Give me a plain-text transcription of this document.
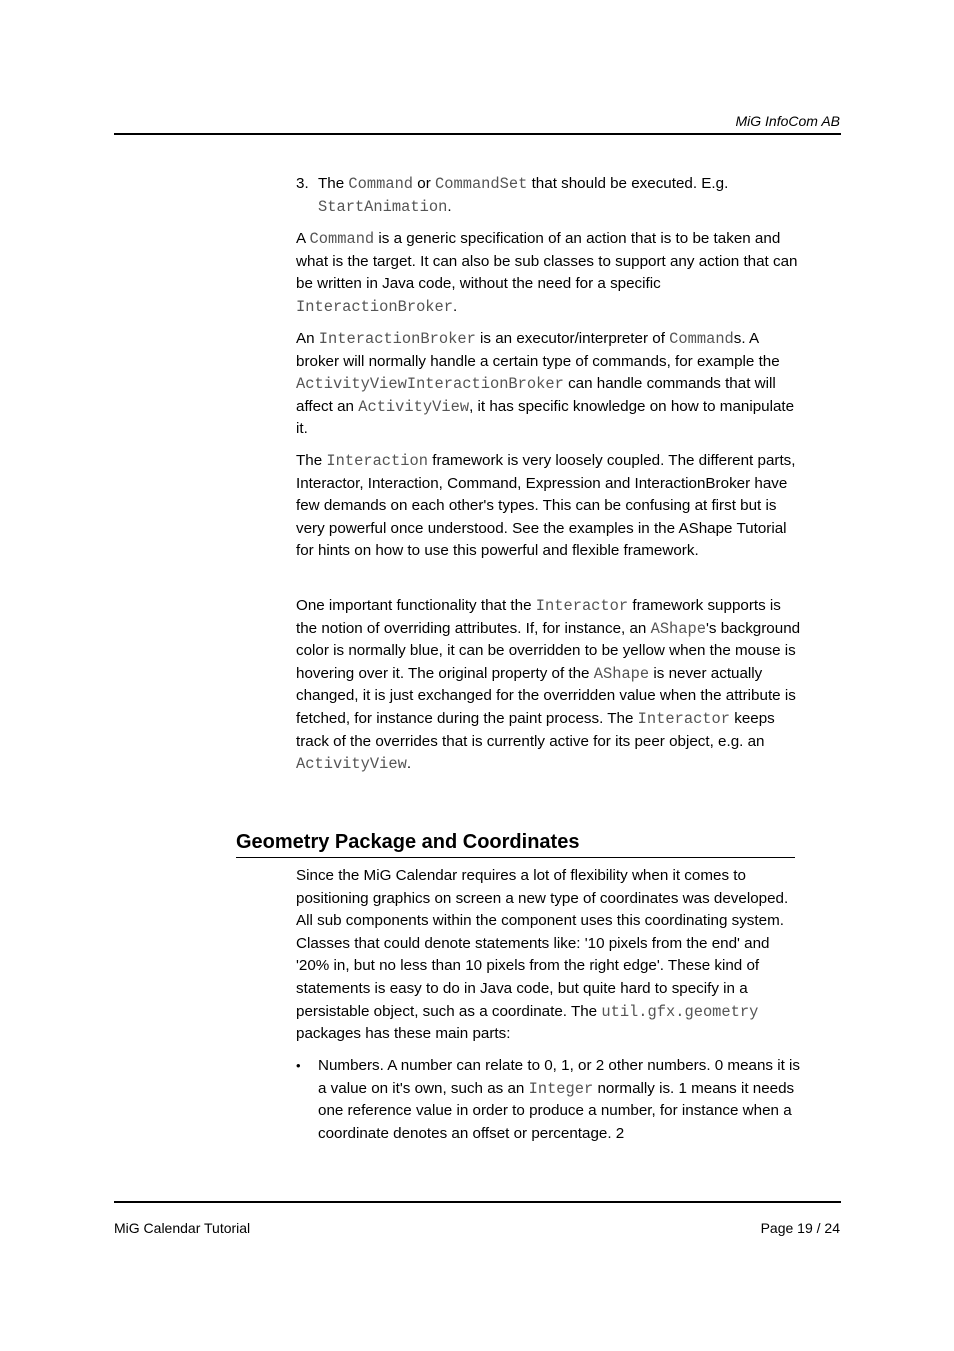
MiG InfoCom AB
3. The Command or CommandSet that should be executed. E.g. StartAnimation.

A Command is a generic specification of an action that is to be taken and what is the target. It can also be sub classes to support any action that can be written in Java code, without the need for a specific InteractionBroker.

An InteractionBroker is an executor/interpreter of Commands. A broker will normally handle a certain type of commands, for example the ActivityViewInteractionBroker can handle commands that will affect an ActivityView, it has specific knowledge on how to manipulate it.

The Interaction framework is very loosely coupled. The different parts, Interactor, Interaction, Command, Expression and InteractionBroker have few demands on each other's types. This can be confusing at first but is very powerful once understood. See the examples in the AShape Tutorial for hints on how to use this powerful and flexible framework.

One important functionality that the Interactor framework supports is the notion of overriding attributes. If, for instance, an AShape's background color is normally blue, it can be overridden to be yellow when the mouse is hovering over it. The original property of the AShape is never actually changed, it is just exchanged for the overridden value when the attribute is fetched, for instance during the paint process. The Interactor keeps track of the overrides that is currently active for its peer object, e.g. an ActivityView.

Geometry Package and Coordinates

Since the MiG Calendar requires a lot of flexibility when it comes to positioning graphics on screen a new type of coordinates was developed. All sub components within the component uses this coordinating system. Classes that could denote statements like: '10 pixels from the end' and '20% in, but no less than 10 pixels from the right edge'. These kind of statements is easy to do in Java code, but quite hard to specify in a persistable object, such as a coordinate. The util.gfx.geometry packages has these main parts:

• Numbers. A number can relate to 0, 1, or 2 other numbers. 0 means it is a value on it's own, such as an Integer normally is. 1 means it needs one reference value in order to produce a number, for instance when a coordinate denotes an offset or percentage. 2
MiG Calendar Tutorial	Page 19 / 24
